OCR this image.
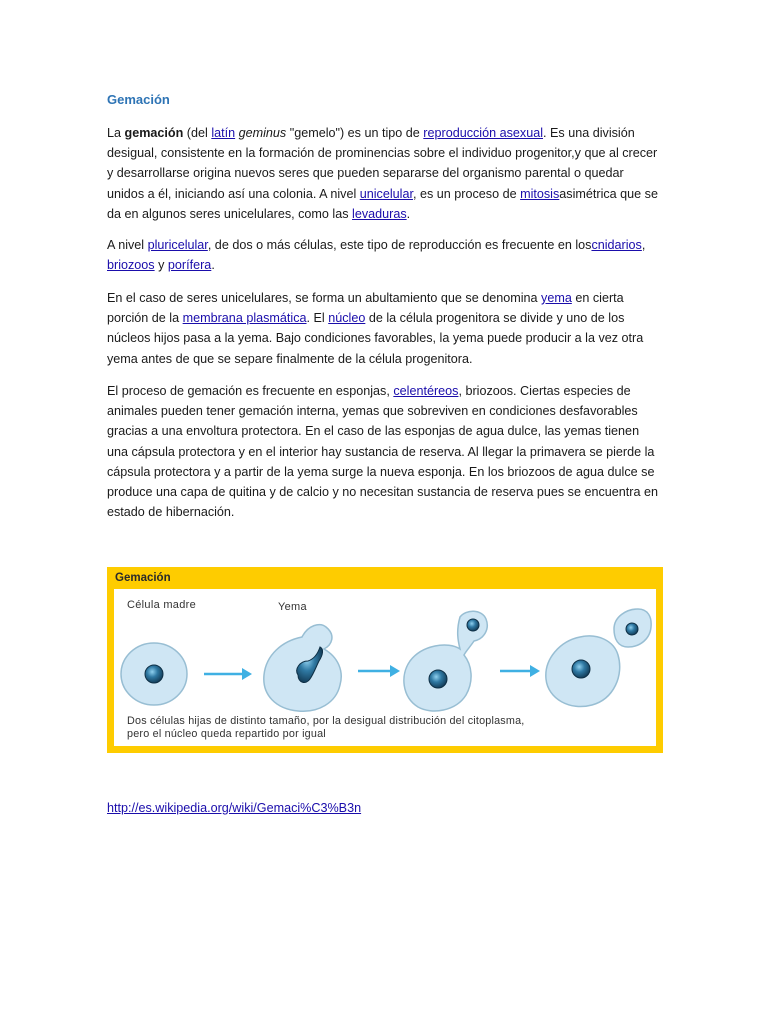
Gemación

La gemación (del latín geminus "gemelo") es un tipo de reproducción asexual. Es una división desigual, consistente en la formación de prominencias sobre el individuo progenitor,y que al crecer y desarrollarse origina nuevos seres que pueden separarse del organismo parental o quedar unidos a él, iniciando así una colonia. A nivel unicelular, es un proceso de mitosisasimétrica que se da en algunos seres unicelulares, como las levaduras.

A nivel pluricelular, de dos o más células, este tipo de reproducción es frecuente en loscnidarios, briozoos y porífera.

En el caso de seres unicelulares, se forma un abultamiento que se denomina yema en cierta porción de la membrana plasmática. El núcleo de la célula progenitora se divide y uno de los núcleos hijos pasa a la yema. Bajo condiciones favorables, la yema puede producir a la vez otra yema antes de que se separe finalmente de la célula progenitora.

El proceso de gemación es frecuente en esponjas, celentéreos, briozoos. Ciertas especies de animales pueden tener gemación interna, yemas que sobreviven en condiciones desfavorables gracias a una envoltura protectora. En el caso de las esponjas de agua dulce, las yemas tienen una cápsula protectora y en el interior hay sustancia de reserva. Al llegar la primavera se pierde la cápsula protectora y a partir de la yema surge la nueva esponja. En los briozoos de agua dulce se produce una capa de quitina y de calcio y no necesitan sustancia de reserva pues se encuentra en estado de hibernación.

Gemación
Célula madre	Yema
Dos células hijas de distinto tamaño, por la desigual distribución del citoplasma,
pero el núcleo queda repartido por igual
http://es.wikipedia.org/wiki/Gemaci%C3%B3n
